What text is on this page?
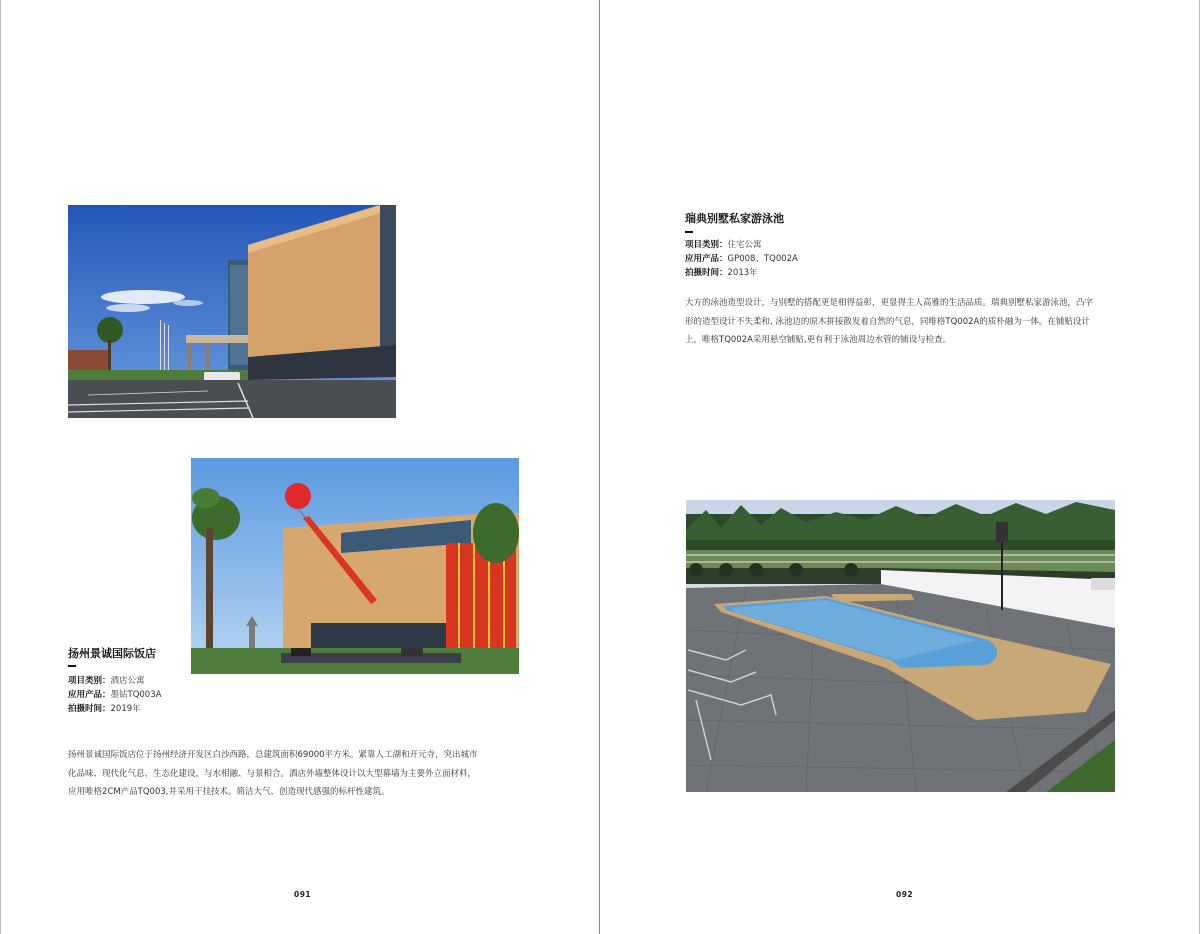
扬州景诚国际饭店
项目类别：酒店公寓
应用产品：墨钻TQ003A
拍摄时间：2019年
扬州景诚国际饭店位于扬州经济开发区白沙西路，总建筑面积69000平方米。紧靠人工湖和开元寺，突出城市
化品味、现代化气息、生态化建设，与水相融、与景相合。酒店外墙整体设计以大型幕墙为主要外立面材料，
应用唯格2CM产品TQ003,并采用干挂技术。简洁大气、创造现代感强的标杆性建筑。
091
瑞典别墅私家游泳池
项目类别：住宅公寓
应用产品：GP008、TQ002A
拍摄时间：2013年
大方的泳池造型设计，与别墅的搭配更是相得益彰，更显得主人高雅的生活品质。瑞典别墅私家游泳池，凸字
形的造型设计不失柔和, 泳池边的原木拼接散发着自然的气息，同唯格TQ002A的质朴融为一体。在铺贴设计
上，唯格TQ002A采用悬空铺贴,更有利于泳池周边水管的铺设与检查。
092
